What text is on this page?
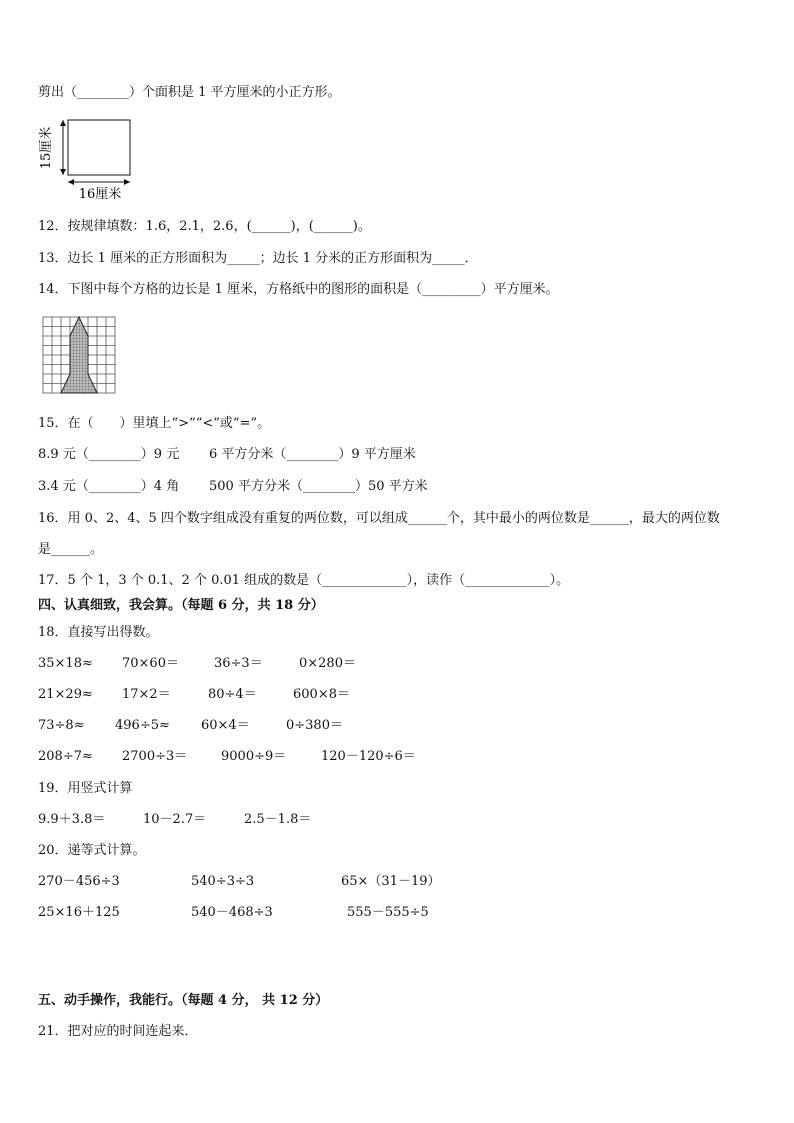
剪出（________）个面积是 1 平方厘米的小正方形。
15厘米
16厘米
12．按规律填数：1.6，2.1，2.6，(______)，(______)。
13．边长 1 厘米的正方形面积为_____；边长 1 分米的正方形面积为_____．
14．下图中每个方格的边长是 1 厘米，方格纸中的图形的面积是（_________）平方厘米。
15．在（　　）里填上“>”“<”或“=”。
8.9 元（________）9 元 6 平方分米（________）9 平方厘米
3.4 元（________）4 角 500 平方分米（________）50 平方米
16．用 0、2、4、5 四个数字组成没有重复的两位数，可以组成______个，其中最小的两位数是______，最大的两位数
是______。
17．5 个 1，3 个 0.1、2 个 0.01 组成的数是（_____________），读作（_____________）。
四、认真细致，我会算。（每题 6 分，共 18 分）
18．直接写出得数。
35×18≈ 70×60＝	36÷3＝	0×280＝
21×29≈ 17×2＝	80÷4＝	600×8＝
73÷8≈ 496÷5≈ 60×4＝	0÷380＝
208÷7≈ 2700÷3＝	9000÷9＝	120－120÷6＝
19．用竖式计算
9.9＋3.8＝	10－2.7＝	2.5－1.8＝
20．递等式计算。
270－456÷3	540÷3÷3	65×（31－19）
25×16＋125	540－468÷3	555－555÷5
五、动手操作，我能行。（每题 4 分， 共 12 分）
21．把对应的时间连起来．
